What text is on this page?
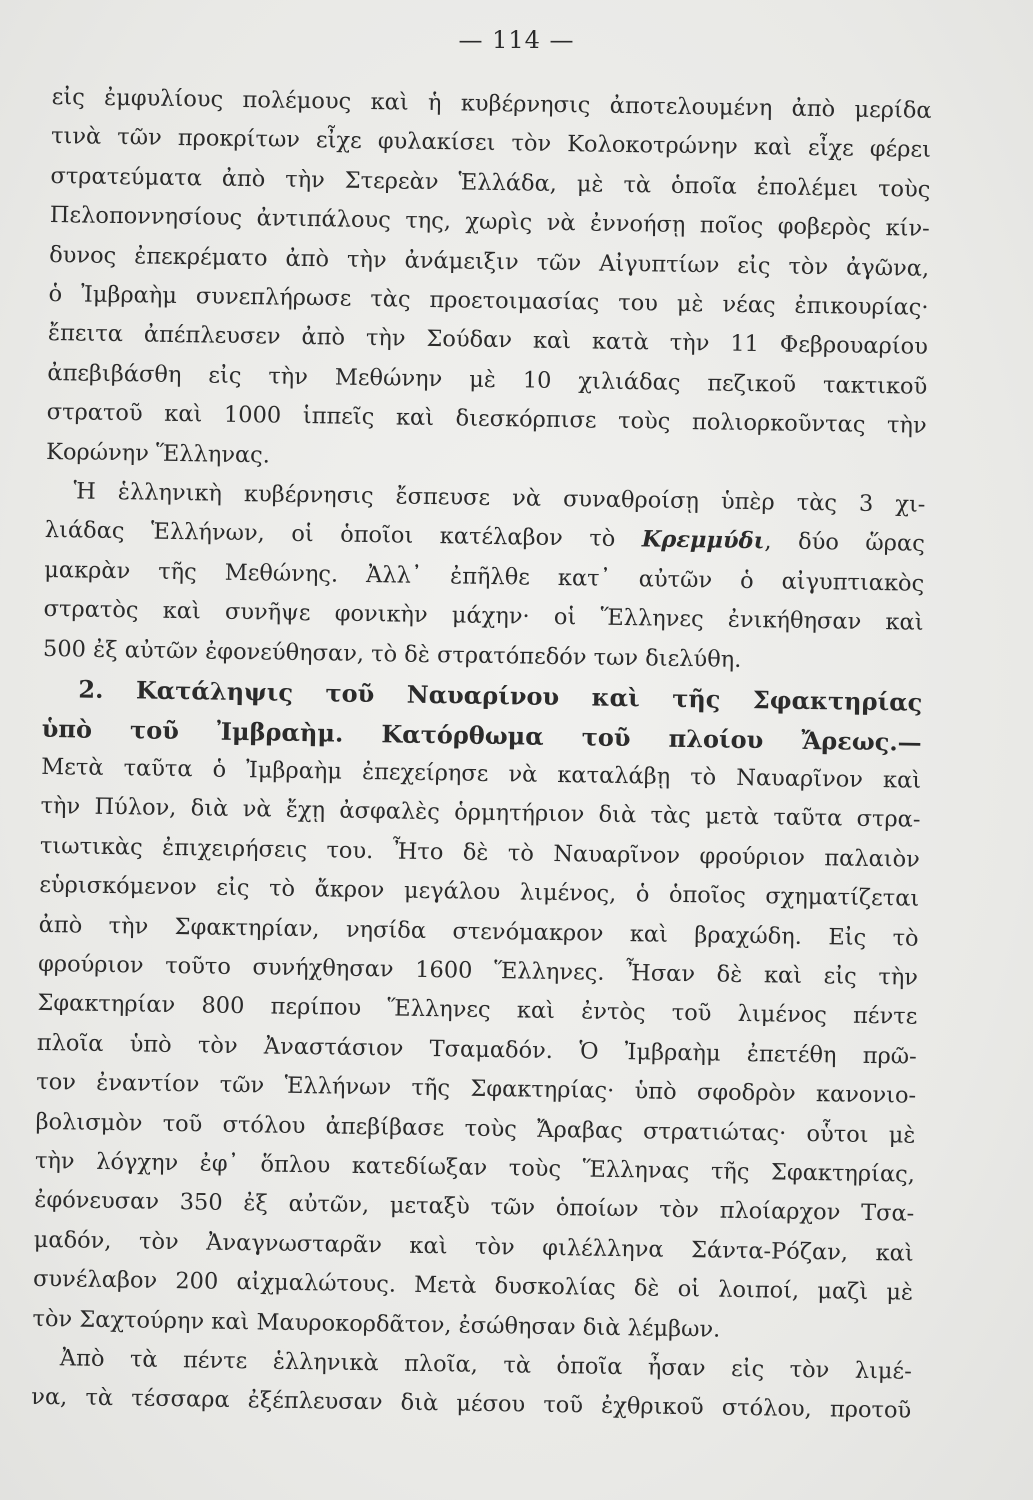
— 114 —
εἰς ἐμφυλίους πολέμους καὶ ἡ κυβέρνησις ἀποτελουμένη ἀπὸ μερίδα
τινὰ τῶν προκρίτων εἶχε φυλακίσει τὸν Κολοκοτρώνην καὶ εἶχε φέρει
στρατεύματα ἀπὸ τὴν Στερεὰν Ἑλλάδα, μὲ τὰ ὁποῖα ἐπολέμει τοὺς
Πελοποννησίους ἀντιπάλους της, χωρὶς νὰ ἐννοήσῃ ποῖος φοβερὸς κίν-
δυνος ἐπεκρέματο ἀπὸ τὴν ἀνάμειξιν τῶν Αἰγυπτίων εἰς τὸν ἀγῶνα,
ὁ Ἰμβραὴμ συνεπλήρωσε τὰς προετοιμασίας του μὲ νέας ἐπικουρίας·
ἔπειτα ἀπέπλευσεν ἀπὸ τὴν Σούδαν καὶ κατὰ τὴν 11 Φεβρουαρίου
ἀπεβιβάσθη εἰς τὴν Μεθώνην μὲ 10 χιλιάδας πεζικοῦ τακτικοῦ
στρατοῦ καὶ 1000 ἱππεῖς καὶ διεσκόρπισε τοὺς πολιορκοῦντας τὴν
Κορώνην Ἕλληνας.
Ἡ ἑλληνικὴ κυβέρνησις ἔσπευσε νὰ συναθροίσῃ ὑπὲρ τὰς 3 χι-
λιάδας Ἑλλήνων, οἱ ὁποῖοι κατέλαβον τὸ Κρεμμύδι, δύο ὥρας
μακρὰν τῆς Μεθώνης. Ἀλλ᾽ ἐπῆλθε κατ᾽ αὐτῶν ὁ αἰγυπτιακὸς
στρατὸς καὶ συνῆψε φονικὴν μάχην· οἱ Ἕλληνες ἐνικήθησαν καὶ
500 ἐξ αὐτῶν ἐφονεύθησαν, τὸ δὲ στρατόπεδόν των διελύθη.
2. Κατάληψις τοῦ Ναυαρίνου καὶ τῆς Σφακτηρίας
ὑπὸ τοῦ Ἰμβραὴμ. Κατόρθωμα τοῦ πλοίου Ἄρεως.—
Μετὰ ταῦτα ὁ Ἰμβραὴμ ἐπεχείρησε νὰ καταλάβῃ τὸ Ναυαρῖνον καὶ
τὴν Πύλον, διὰ νὰ ἔχῃ ἀσφαλὲς ὁρμητήριον διὰ τὰς μετὰ ταῦτα στρα-
τιωτικὰς ἐπιχειρήσεις του. Ἦτο δὲ τὸ Ναυαρῖνον φρούριον παλαιὸν
εὑρισκόμενον εἰς τὸ ἄκρον μεγάλου λιμένος, ὁ ὁποῖος σχηματίζεται
ἀπὸ τὴν Σφακτηρίαν, νησίδα στενόμακρον καὶ βραχώδη. Εἰς τὸ
φρούριον τοῦτο συνήχθησαν 1600 Ἕλληνες. Ἦσαν δὲ καὶ εἰς τὴν
Σφακτηρίαν 800 περίπου Ἕλληνες καὶ ἐντὸς τοῦ λιμένος πέντε
πλοῖα ὑπὸ τὸν Ἀναστάσιον Τσαμαδόν. Ὁ Ἰμβραὴμ ἐπετέθη πρῶ-
τον ἐναντίον τῶν Ἑλλήνων τῆς Σφακτηρίας· ὑπὸ σφοδρὸν κανονιο-
βολισμὸν τοῦ στόλου ἀπεβίβασε τοὺς Ἄραβας στρατιώτας· οὗτοι μὲ
τὴν λόγχην ἐφ᾽ ὅπλου κατεδίωξαν τοὺς Ἕλληνας τῆς Σφακτηρίας,
ἐφόνευσαν 350 ἐξ αὐτῶν, μεταξὺ τῶν ὁποίων τὸν πλοίαρχον Τσα-
μαδόν, τὸν Ἀναγνωσταρᾶν καὶ τὸν φιλέλληνα Σάντα-Ρόζαν, καὶ
συνέλαβον 200 αἰχμαλώτους. Μετὰ δυσκολίας δὲ οἱ λοιποί, μαζὶ μὲ
τὸν Σαχτούρην καὶ Μαυροκορδᾶτον, ἐσώθησαν διὰ λέμβων.
Ἀπὸ τὰ πέντε ἑλληνικὰ πλοῖα, τὰ ὁποῖα ἦσαν εἰς τὸν λιμέ-
να, τὰ τέσσαρα ἐξέπλευσαν διὰ μέσου τοῦ ἐχθρικοῦ στόλου, προτοῦ
